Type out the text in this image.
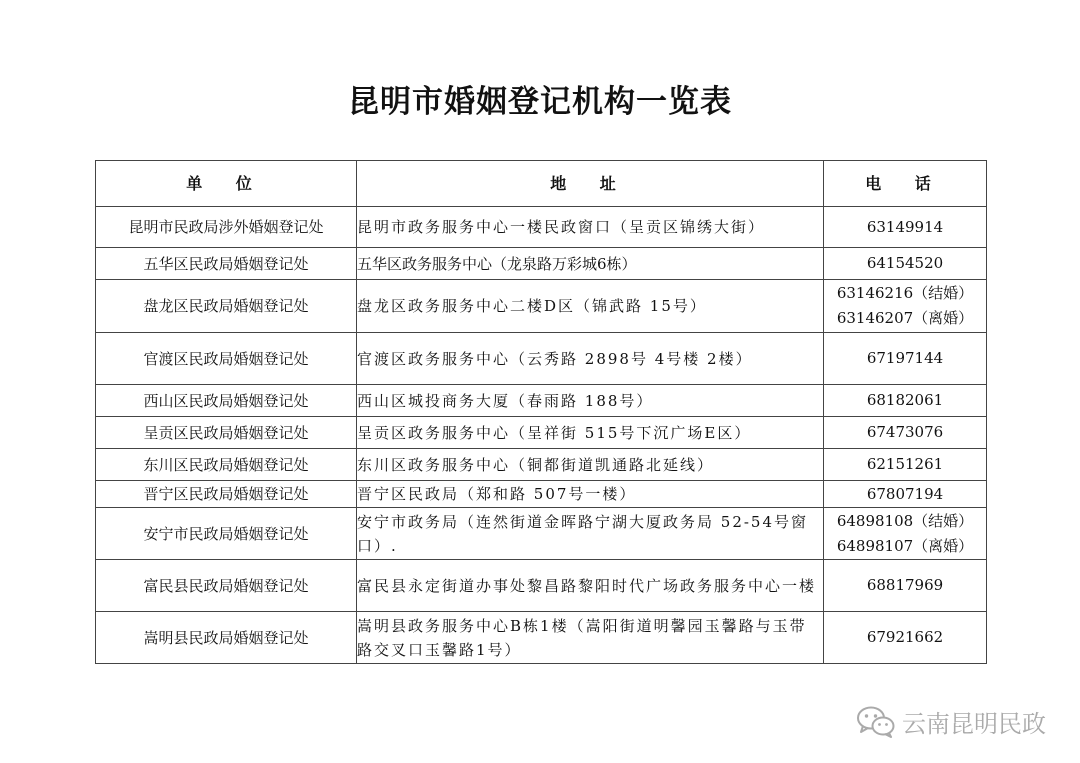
昆明市婚姻登记机构一览表
单 位	地 址	电 话
昆明市民政局涉外婚姻登记处	昆明市政务服务中心一楼民政窗口（呈贡区锦绣大街）	63149914

五华区民政局婚姻登记处	五华区政务服务中心（龙泉路万彩城6栋）	64154520

盘龙区民政局婚姻登记处	盘龙区政务服务中心二楼D区（锦武路 15号）	63146216（结婚）
63146207（离婚）

官渡区民政局婚姻登记处	官渡区政务服务中心（云秀路 2898号 4号楼 2楼）	67197144

西山区民政局婚姻登记处	西山区城投商务大厦（春雨路 188号）	68182061

呈贡区民政局婚姻登记处	呈贡区政务服务中心（呈祥街 515号下沉广场E区）	67473076

东川区民政局婚姻登记处	东川区政务服务中心（铜都街道凯通路北延线）	62151261

晋宁区民政局婚姻登记处	晋宁区民政局（郑和路 507号一楼）	67807194

安宁市民政局婚姻登记处	安宁市政务局（连然街道金晖路宁湖大厦政务局 52-54号窗口）.	64898108（结婚）
64898107（离婚）

富民县民政局婚姻登记处	富民县永定街道办事处黎昌路黎阳时代广场政务服务中心一楼	68817969

嵩明县民政局婚姻登记处	嵩明县政务服务中心B栋1楼（嵩阳街道明馨园玉馨路与玉带路交叉口玉馨路1号）	67921662
云南昆明民政
